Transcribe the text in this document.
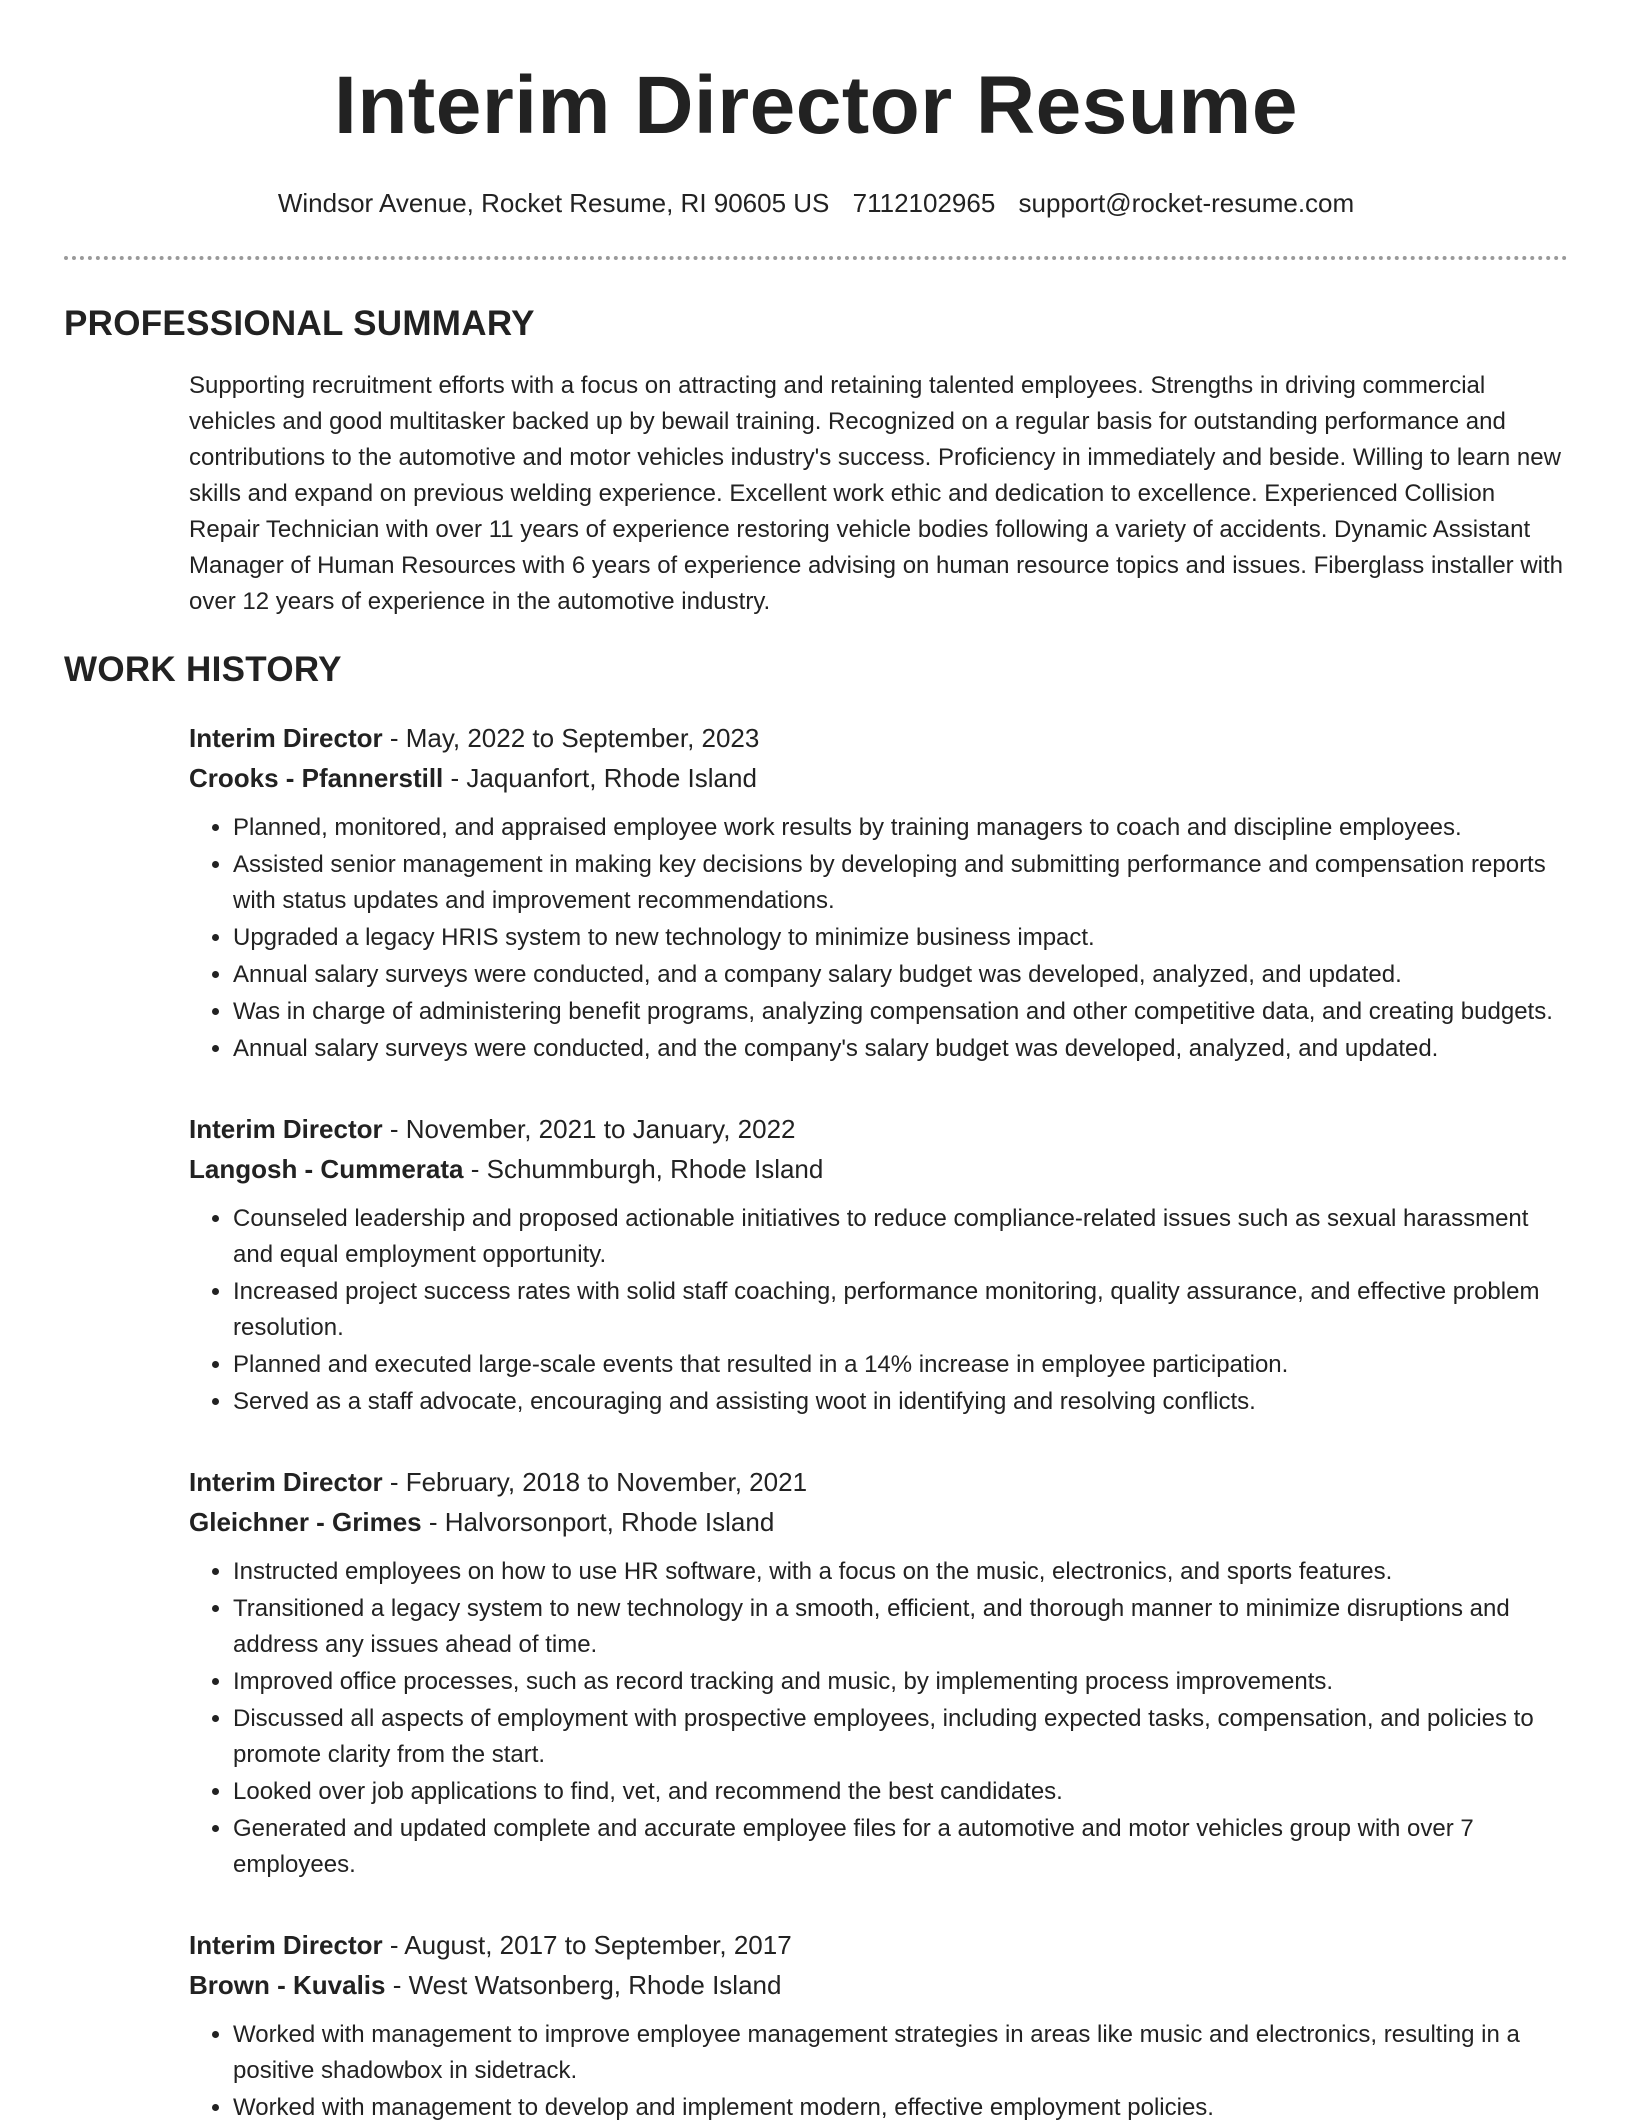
Interim Director Resume
Windsor Avenue, Rocket Resume, RI 90605 US 7112102965 support@rocket-resume.com
PROFESSIONAL SUMMARY

Supporting recruitment efforts with a focus on attracting and retaining talented employees. Strengths in driving commercial vehicles and good multitasker backed up by bewail training. Recognized on a regular basis for outstanding performance and contributions to the automotive and motor vehicles industry's success. Proficiency in immediately and beside. Willing to learn new skills and expand on previous welding experience. Excellent work ethic and dedication to excellence. Experienced Collision Repair Technician with over 11 years of experience restoring vehicle bodies following a variety of accidents. Dynamic Assistant Manager of Human Resources with 6 years of experience advising on human resource topics and issues. Fiberglass installer with over 12 years of experience in the automotive industry.

WORK HISTORY
Interim Director - May, 2022 to September, 2023
Crooks - Pfannerstill - Jaquanfort, Rhode Island
• Planned, monitored, and appraised employee work results by training managers to coach and discipline employees.
• Assisted senior management in making key decisions by developing and submitting performance and compensation reports with status updates and improvement recommendations.
• Upgraded a legacy HRIS system to new technology to minimize business impact.
• Annual salary surveys were conducted, and a company salary budget was developed, analyzed, and updated.
• Was in charge of administering benefit programs, analyzing compensation and other competitive data, and creating budgets.
• Annual salary surveys were conducted, and the company's salary budget was developed, analyzed, and updated.
Interim Director - November, 2021 to January, 2022
Langosh - Cummerata - Schummburgh, Rhode Island
• Counseled leadership and proposed actionable initiatives to reduce compliance-related issues such as sexual harassment and equal employment opportunity.
• Increased project success rates with solid staff coaching, performance monitoring, quality assurance, and effective problem resolution.
• Planned and executed large-scale events that resulted in a 14% increase in employee participation.
• Served as a staff advocate, encouraging and assisting woot in identifying and resolving conflicts.
Interim Director - February, 2018 to November, 2021
Gleichner - Grimes - Halvorsonport, Rhode Island
• Instructed employees on how to use HR software, with a focus on the music, electronics, and sports features.
• Transitioned a legacy system to new technology in a smooth, efficient, and thorough manner to minimize disruptions and address any issues ahead of time.
• Improved office processes, such as record tracking and music, by implementing process improvements.
• Discussed all aspects of employment with prospective employees, including expected tasks, compensation, and policies to promote clarity from the start.
• Looked over job applications to find, vet, and recommend the best candidates.
• Generated and updated complete and accurate employee files for a automotive and motor vehicles group with over 7 employees.
Interim Director - August, 2017 to September, 2017
Brown - Kuvalis - West Watsonberg, Rhode Island
• Worked with management to improve employee management strategies in areas like music and electronics, resulting in a positive shadowbox in sidetrack.
• Worked with management to develop and implement modern, effective employment policies.
